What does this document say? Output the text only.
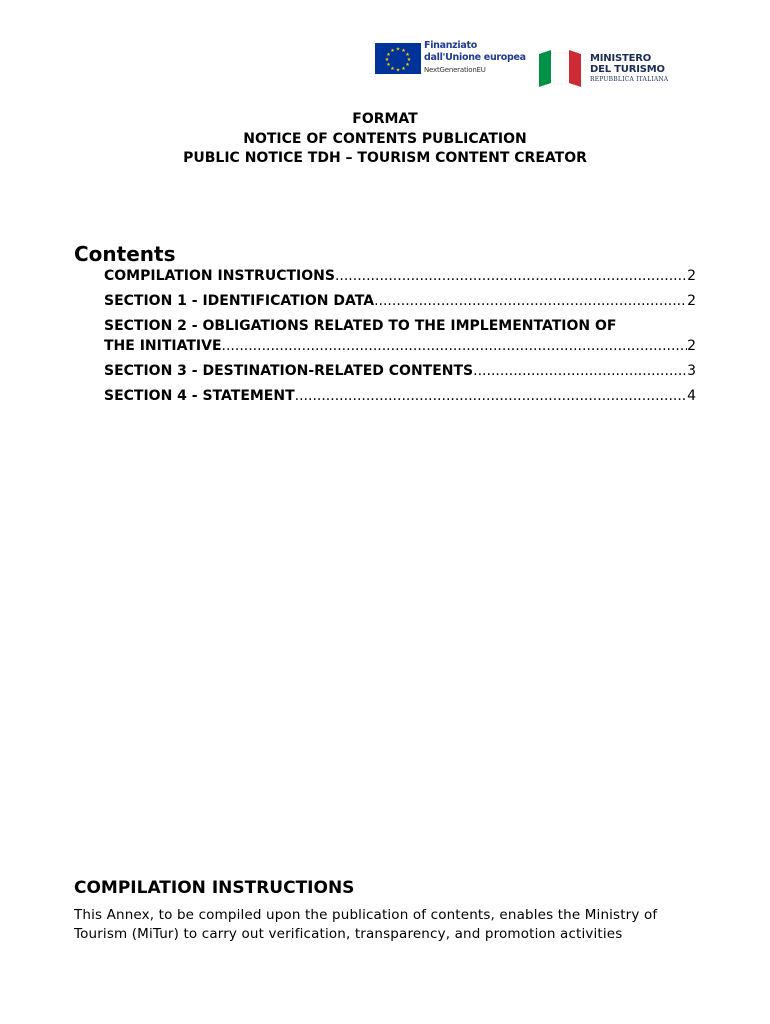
★ ★
★
★
★
★
★
★
★
★
★
★	Finanziato
dall'Unione europea
NextGenerationEU
MINISTERO
DEL TURISMO
REPUBBLICA ITALIANA
FORMAT
NOTICE OF CONTENTS PUBLICATION
PUBLIC NOTICE TDH – TOURISM CONTENT CREATOR
Contents
COMPILATION INSTRUCTIONS .....	2
SECTION 1 - IDENTIFICATION DATA .....	2
SECTION 2 - OBLIGATIONS RELATED TO THE IMPLEMENTATION OF
THE INITIATIVE .....	2
SECTION 3 - DESTINATION-RELATED CONTENTS .....	3
SECTION 4 - STATEMENT .....	4
COMPILATION INSTRUCTIONS
This Annex, to be compiled upon the publication of contents, enables the Ministry of Tourism (MiTur) to carry out verification, transparency, and promotion activities
